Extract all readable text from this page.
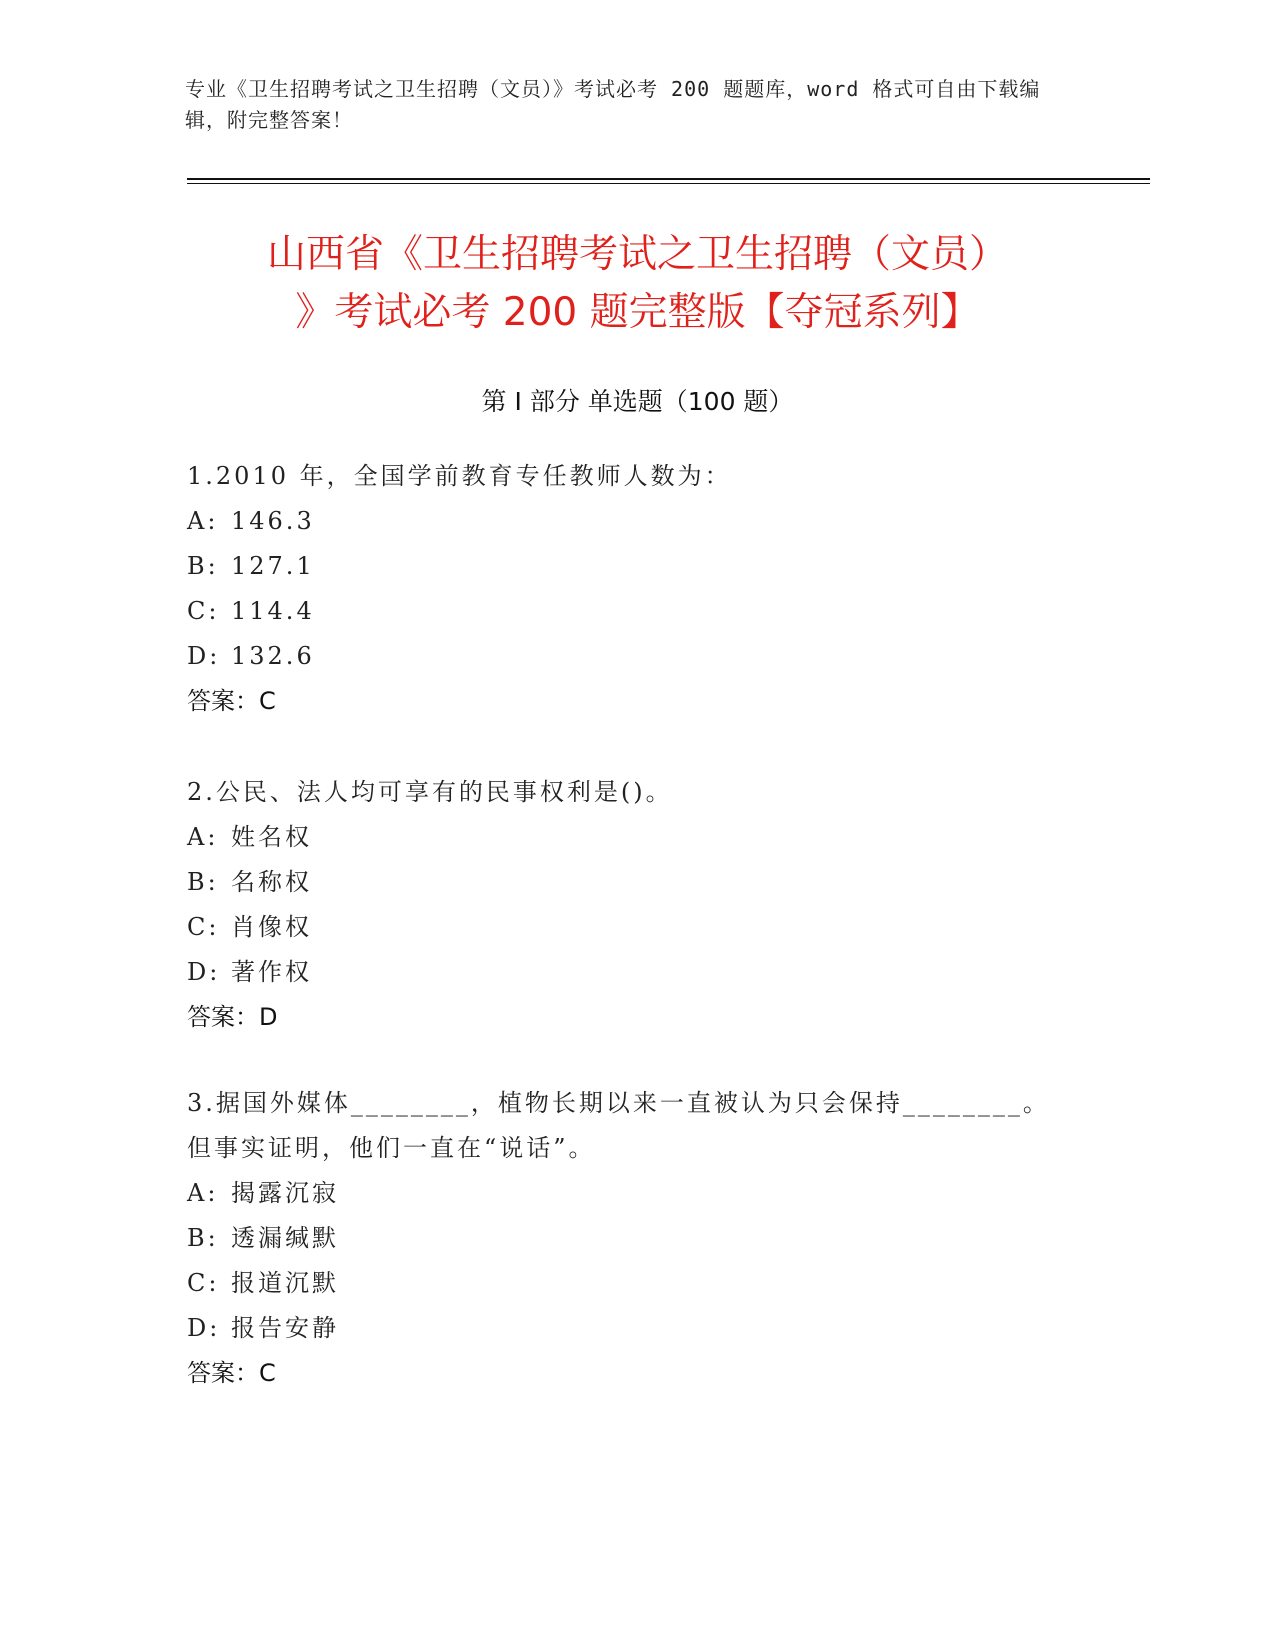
专业《卫生招聘考试之卫生招聘（文员）》考试必考 200 题题库，word 格式可自由下载编辑，附完整答案！
山西省《卫生招聘考试之卫生招聘（文员）
》考试必考 200 题完整版【夺冠系列】
第 I 部分 单选题（100 题）
1.2010 年，全国学前教育专任教师人数为：
A: 146.3
B: 127.1
C: 114.4
D: 132.6
答案：C
2.公民、法人均可享有的民事权利是()。
A: 姓名权
B: 名称权
C: 肖像权
D: 著作权
答案：D
3.据国外媒体________，植物长期以来一直被认为只会保持________。但事实证明，他们一直在“说话”。
A: 揭露沉寂
B: 透漏缄默
C: 报道沉默
D: 报告安静
答案：C
